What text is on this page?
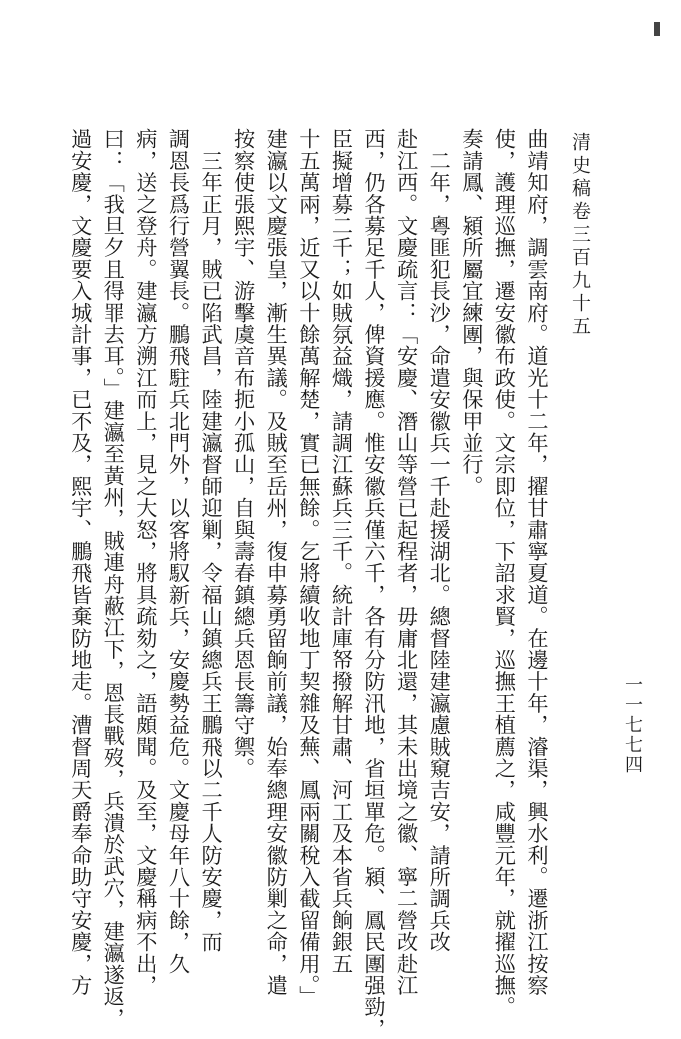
清史稿卷三百九十五
一一七七四
曲靖知府，調雲南府。道光十二年，擢甘肅寧夏道。在邊十年，濬渠，興水利。遷浙江按察
使，護理巡撫，遷安徽布政使。文宗即位，下詔求賢，巡撫王植薦之，咸豐元年，就擢巡撫。
奏請鳳、潁所屬宜練團，與保甲並行。
　二年，粵匪犯長沙，命遣安徽兵一千赴援湖北。總督陸建瀛慮賊窺吉安，請所調兵改
赴江西。文慶疏言：「安慶、潛山等營已起程者，毋庸北還，其未出境之徽、寧二營改赴江
西，仍各募足千人，俾資援應。惟安徽兵僅六千，各有分防汛地，省垣單危。潁、鳳民團强勁，
臣擬增募二千；如賊氛益熾，請調江蘇兵三千。統計庫帑撥解甘肅、河工及本省兵餉銀五
十五萬兩，近又以十餘萬解楚，實已無餘。乞將續收地丁契雜及蕪、鳳兩關稅入截留備用。」
建瀛以文慶張皇，漸生異議。及賊至岳州，復申募勇留餉前議，始奉總理安徽防剿之命，遣
按察使張熙宇、游擊虞音布扼小孤山，自與壽春鎮總兵恩長籌守禦。
　三年正月，賊已陷武昌，陸建瀛督師迎剿，令福山鎮總兵王鵬飛以二千人防安慶，而
調恩長爲行營翼長。鵬飛駐兵北門外，以客將馭新兵，安慶勢益危。文慶母年八十餘，久
病，送之登舟。建瀛方溯江而上，見之大怒，將具疏劾之，語頗聞。及至，文慶稱病不出，
曰：「我旦夕且得罪去耳。」建瀛至黃州，賊連舟蔽江下，恩長戰歿，兵潰於武穴，建瀛遂返，
過安慶，文慶要入城計事，已不及，熙宇、鵬飛皆棄防地走。漕督周天爵奉命助守安慶，方
